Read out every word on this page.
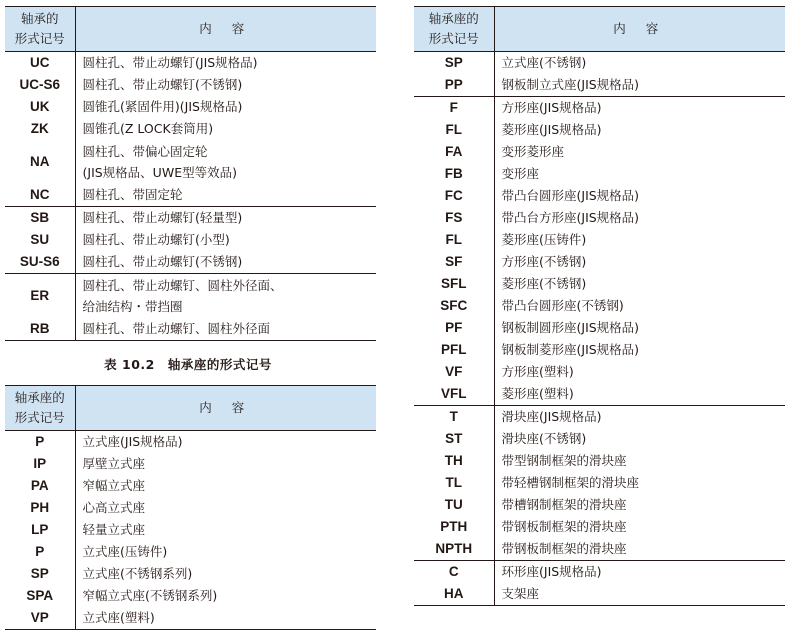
轴承的
形式记号	内 容
UC	圆柱孔、带止动螺钉(JIS规格品)
UC-S6	圆柱孔、带止动螺钉(不锈钢)
UK	圆锥孔(紧固件用)(JIS规格品)
ZK	圆锥孔(Z LOCK套筒用)
NA	圆柱孔、带偏心固定轮
(JIS规格品、UWE型等效品)
NC	圆柱孔、带固定轮
SB	圆柱孔、带止动螺钉(轻量型)
SU	圆柱孔、带止动螺钉(小型)
SU-S6	圆柱孔、带止动螺钉(不锈钢)
ER	圆柱孔、带止动螺钉、圆柱外径面、
给油结构・带挡圈
RB	圆柱孔、带止动螺钉、圆柱外径面
表 10.2　轴承座的形式记号
轴承座的
形式记号	内 容
P	立式座(JIS规格品)
IP	厚壁立式座
PA	窄幅立式座
PH	心高立式座
LP	轻量立式座
P	立式座(压铸件)
SP	立式座(不锈钢系列)
SPA	窄幅立式座(不锈钢系列)
VP	立式座(塑料)
轴承座的
形式记号	内 容
SP	立式座(不锈钢)
PP	钢板制立式座(JIS规格品)
F	方形座(JIS规格品)
FL	菱形座(JIS规格品)
FA	变形菱形座
FB	变形座
FC	带凸台圆形座(JIS规格品)
FS	带凸台方形座(JIS规格品)
FL	菱形座(压铸件)
SF	方形座(不锈钢)
SFL	菱形座(不锈钢)
SFC	带凸台圆形座(不锈钢)
PF	钢板制圆形座(JIS规格品)
PFL	钢板制菱形座(JIS规格品)
VF	方形座(塑料)
VFL	菱形座(塑料)
T	滑块座(JIS规格品)
ST	滑块座(不锈钢)
TH	带型钢制框架的滑块座
TL	带轻槽钢制框架的滑块座
TU	带槽钢制框架的滑块座
PTH	带钢板制框架的滑块座
NPTH	带钢板制框架的滑块座
C	环形座(JIS规格品)
HA	支架座
